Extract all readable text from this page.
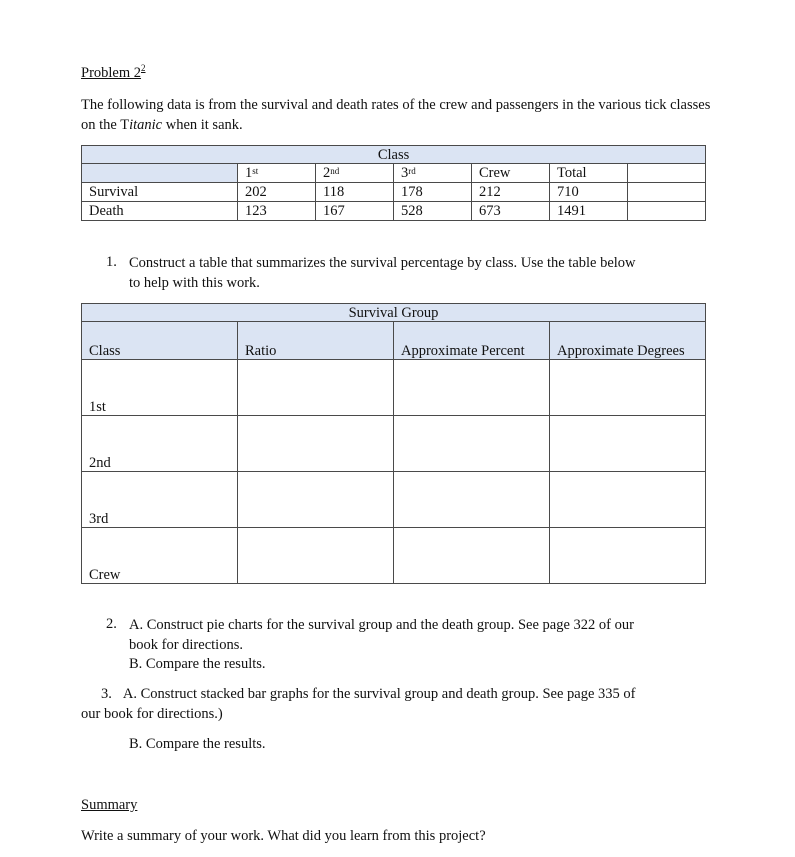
Problem $2^2$
The following data is from the survival and death rates of the crew and passengers in the various tick classes on the Titanic when it sank.
Class						
	1st	2nd	3rd	Crew	Total	
Survival	202	118	178	212	710	
Death	123	167	528	673	1491	
1. Construct a table that summarizes the survival percentage by class. Use the table below
to help with this work.
Survival Group			
Class	Ratio	Approximate Percent	Approximate Degrees
1st			
2nd			
3rd			
Crew			
2. A. Construct pie charts for the survival group and the death group. See page 322 of our
book for directions.
B. Compare the results.
3. A. Construct stacked bar graphs for the survival group and death group. See page 335 of
our book for directions.)
B. Compare the results.
Summary
Write a summary of your work. What did you learn from this project?
